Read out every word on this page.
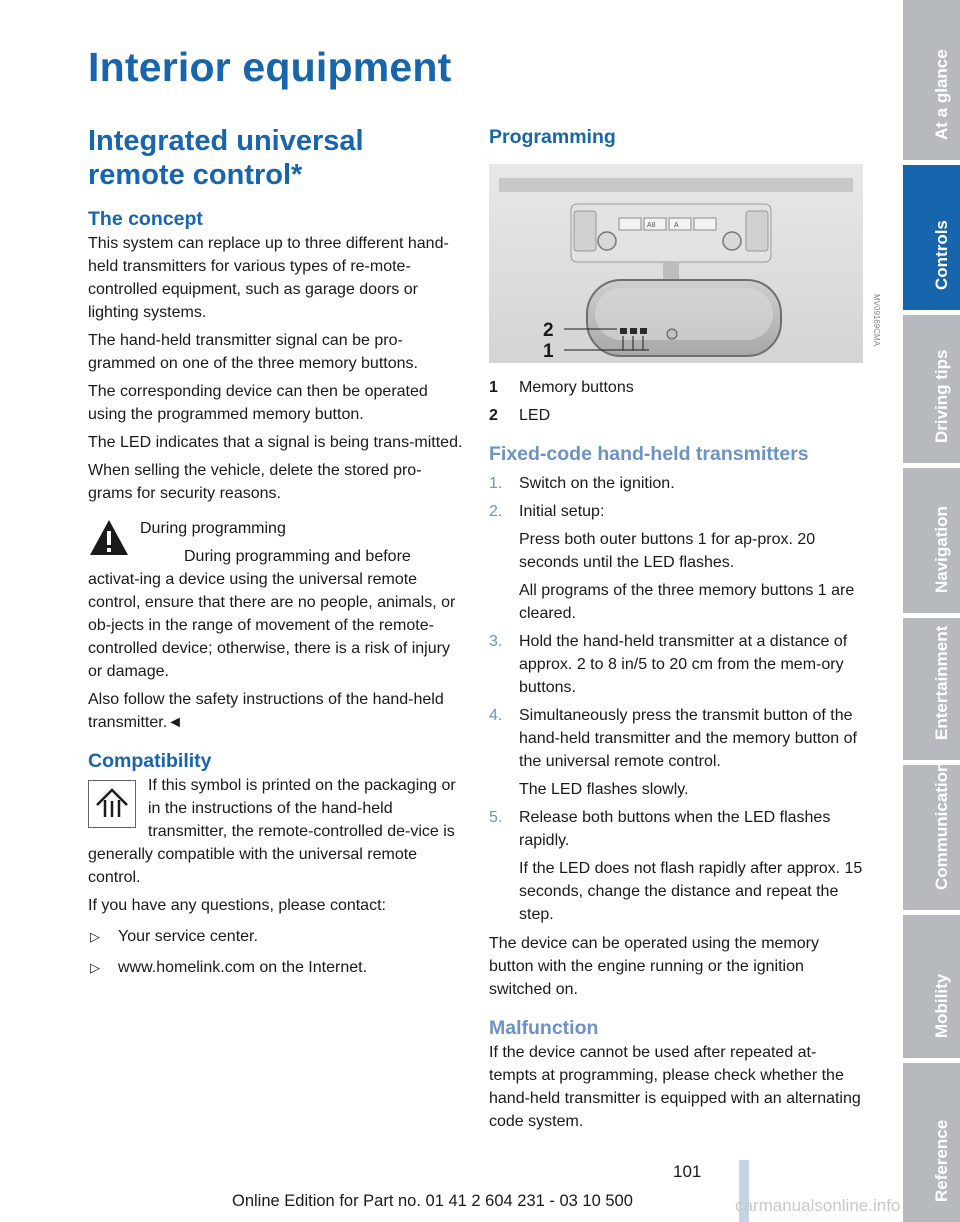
Interior equipment
Integrated universal remote control*
The concept

This system can replace up to three different hand-held transmitters for various types of re-mote-controlled equipment, such as garage doors or lighting systems.

The hand-held transmitter signal can be pro-grammed on one of the three memory buttons.

The corresponding device can then be operated using the programmed memory button.

The LED indicates that a signal is being trans-mitted.

When selling the vehicle, delete the stored pro-grams for security reasons.

During programming

During programming and before activat-ing a device using the universal remote control, ensure that there are no people, animals, or ob-jects in the range of movement of the remote-controlled device; otherwise, there is a risk of injury or damage.

Also follow the safety instructions of the hand-held transmitter.◄

Compatibility

If this symbol is printed on the packaging or in the instructions of the hand-held transmitter, the remote-controlled de-vice is generally compatible with the universal remote control.

If you have any questions, please contact:

▷ Your service center.
▷ www.homelink.com on the Internet.
Programming
A8	A
2
1
MV09169CMA
1 Memory buttons
2 LED
Fixed-code hand-held transmitters
1. Switch on the ignition.

2. Initial setup:

Press both outer buttons 1 for ap-prox. 20 seconds until the LED flashes.

All programs of the three memory buttons 1 are cleared.

3. Hold the hand-held transmitter at a distance of approx. 2 to 8 in/5 to 20 cm from the mem-ory buttons.

4. Simultaneously press the transmit button of the hand-held transmitter and the memory button of the universal remote control.

The LED flashes slowly.

5. Release both buttons when the LED flashes rapidly.

If the LED does not flash rapidly after approx. 15 seconds, change the distance and repeat the step.

The device can be operated using the memory button with the engine running or the ignition switched on.

Malfunction

If the device cannot be used after repeated at-tempts at programming, please check whether the hand-held transmitter is equipped with an alternating code system.

At a glance
Controls
Driving tips
Navigation
Entertainment
Communication
Mobility
Reference
101
Online Edition for Part no. 01 41 2 604 231 - 03 10 500	carmanualsonline.info
